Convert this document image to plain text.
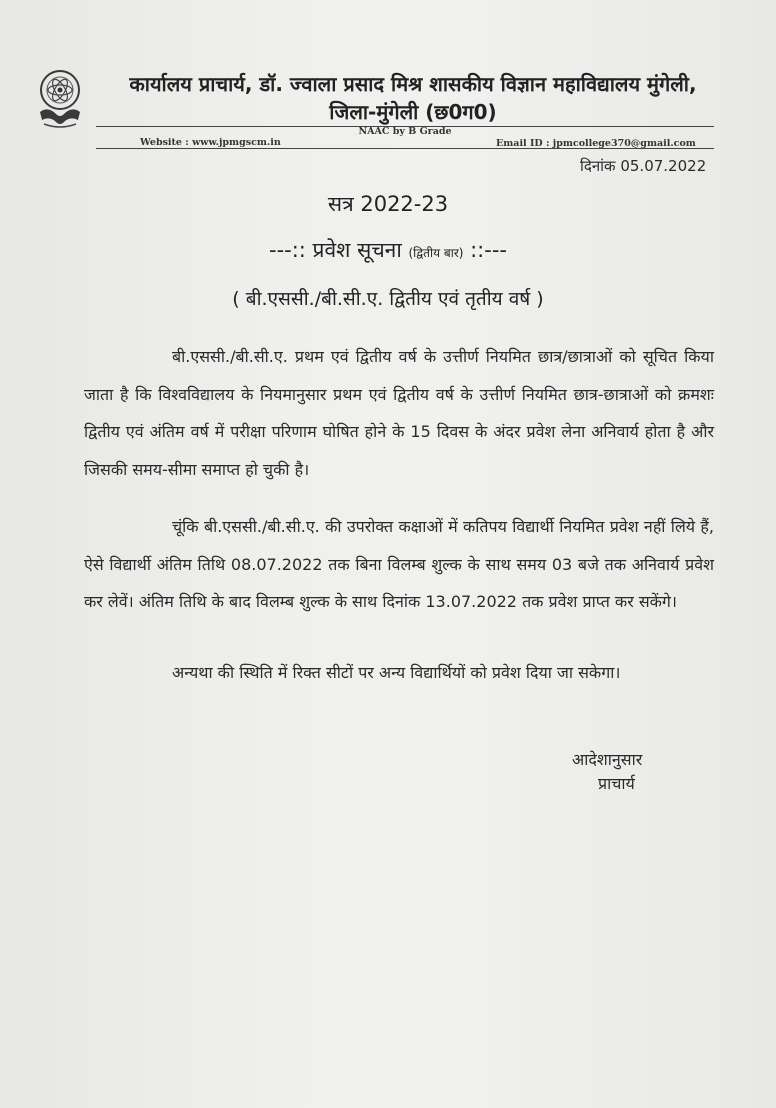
कार्यालय प्राचार्य, डॉ. ज्वाला प्रसाद मिश्र शासकीय विज्ञान महाविद्यालय मुंगेली,
जिला-मुंगेली (छ0ग0)
NAAC by B Grade
Website : www.jpmgscm.in	Email ID : jpmcollege370@gmail.com
दिनांक 05.07.2022
सत्र 2022-23
---:: प्रवेश सूचना (द्वितीय बार) ::---
( बी.एससी./बी.सी.ए. द्वितीय एवं तृतीय वर्ष )
बी.एससी./बी.सी.ए. प्रथम एवं द्वितीय वर्ष के उत्तीर्ण नियमित छात्र/छात्राओं को सूचित किया जाता है कि विश्वविद्यालय के नियमानुसार प्रथम एवं द्वितीय वर्ष के उत्तीर्ण नियमित छात्र-छात्राओं को क्रमशः द्वितीय एवं अंतिम वर्ष में परीक्षा परिणाम घोषित होने के 15 दिवस के अंदर प्रवेश लेना अनिवार्य होता है और जिसकी समय-सीमा समाप्त हो चुकी है।
चूंकि बी.एससी./बी.सी.ए. की उपरोक्त कक्षाओं में कतिपय विद्यार्थी नियमित प्रवेश नहीं लिये हैं, ऐसे विद्यार्थी अंतिम तिथि 08.07.2022 तक बिना विलम्ब शुल्क के साथ समय 03 बजे तक अनिवार्य प्रवेश कर लेवें। अंतिम तिथि के बाद विलम्ब शुल्क के साथ दिनांक 13.07.2022 तक प्रवेश प्राप्त कर सकेंगे।
अन्यथा की स्थिति में रिक्त सीटों पर अन्य विद्यार्थियों को प्रवेश दिया जा सकेगा।
आदेशानुसार
प्राचार्य
